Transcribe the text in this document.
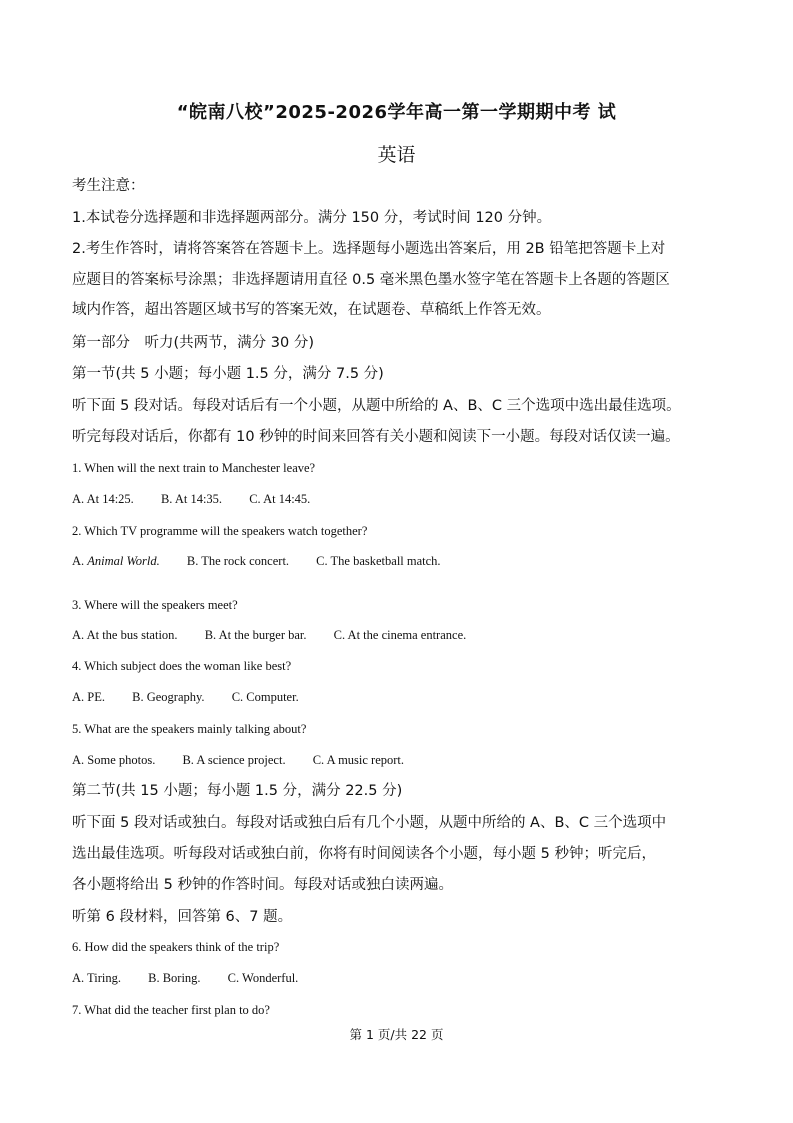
“皖南八校”2025-2026学年高一第一学期期中考 试
英语
考生注意：
1.本试卷分选择题和非选择题两部分。满分 150 分，考试时间 120 分钟。
2.考生作答时，请将答案答在答题卡上。选择题每小题选出答案后，用 2B 铅笔把答题卡上对
应题目的答案标号涂黑；非选择题请用直径 0.5 毫米黑色墨水签字笔在答题卡上各题的答题区
域内作答，超出答题区域书写的答案无效，在试题卷、草稿纸上作答无效。
第一部分　听力(共两节，满分 30 分)
第一节(共 5 小题；每小题 1.5 分，满分 7.5 分)
听下面 5 段对话。每段对话后有一个小题，从题中所给的 A、B、C 三个选项中选出最佳选项。
听完每段对话后，你都有 10 秒钟的时间来回答有关小题和阅读下一小题。每段对话仅读一遍。
1. When will the next train to Manchester leave?
A. At 14:25. B. At 14:35. C. At 14:45.
2. Which TV programme will the speakers watch together?
A. Animal World. B. The rock concert. C. The basketball match.
3. Where will the speakers meet?
A. At the bus station. B. At the burger bar. C. At the cinema entrance.
4. Which subject does the woman like best?
A. PE. B. Geography. C. Computer.
5. What are the speakers mainly talking about?
A. Some photos. B. A science project. C. A music report.
第二节(共 15 小题；每小题 1.5 分，满分 22.5 分)
听下面 5 段对话或独白。每段对话或独白后有几个小题，从题中所给的 A、B、C 三个选项中
选出最佳选项。听每段对话或独白前，你将有时间阅读各个小题，每小题 5 秒钟；听完后，
各小题将给出 5 秒钟的作答时间。每段对话或独白读两遍。
听第 6 段材料，回答第 6、7 题。
6. How did the speakers think of the trip?
A. Tiring. B. Boring. C. Wonderful.
7. What did the teacher first plan to do?
第 1 页/共 22 页
